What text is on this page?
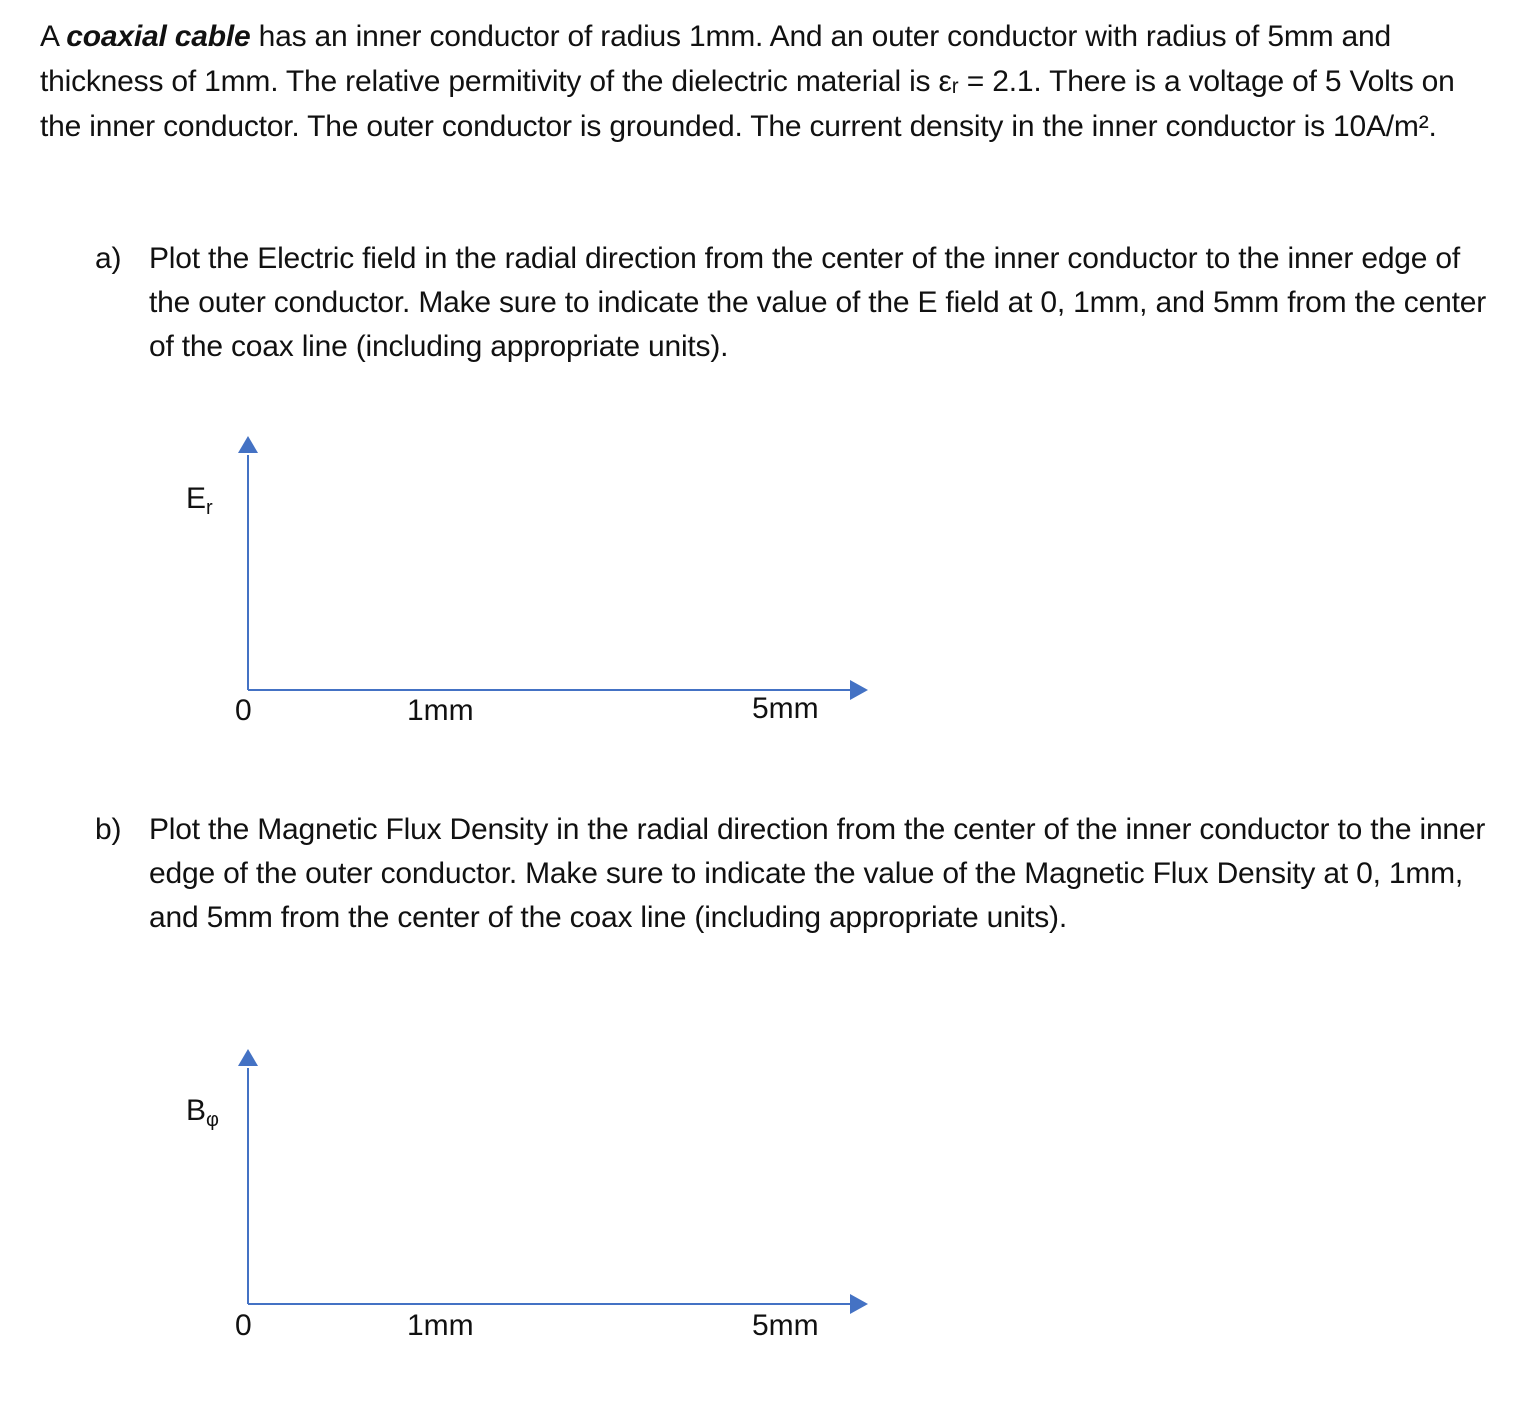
A coaxial cable has an inner conductor of radius 1mm. And an outer conductor with radius of 5mm and thickness of 1mm. The relative permitivity of the dielectric material is εᵣ = 2.1. There is a voltage of 5 Volts on the inner conductor. The outer conductor is grounded. The current density in the inner conductor is 10A/m².
a) Plot the Electric field in the radial direction from the center of the inner conductor to the inner edge of the outer conductor. Make sure to indicate the value of the E field at 0, 1mm, and 5mm from the center of the coax line (including appropriate units).
$E_r$
0	1mm	5mm
b) Plot the Magnetic Flux Density in the radial direction from the center of the inner conductor to the inner edge of the outer conductor. Make sure to indicate the value of the Magnetic Flux Density at 0, 1mm, and 5mm from the center of the coax line (including appropriate units).
$B_\varphi$
0	1mm	5mm
